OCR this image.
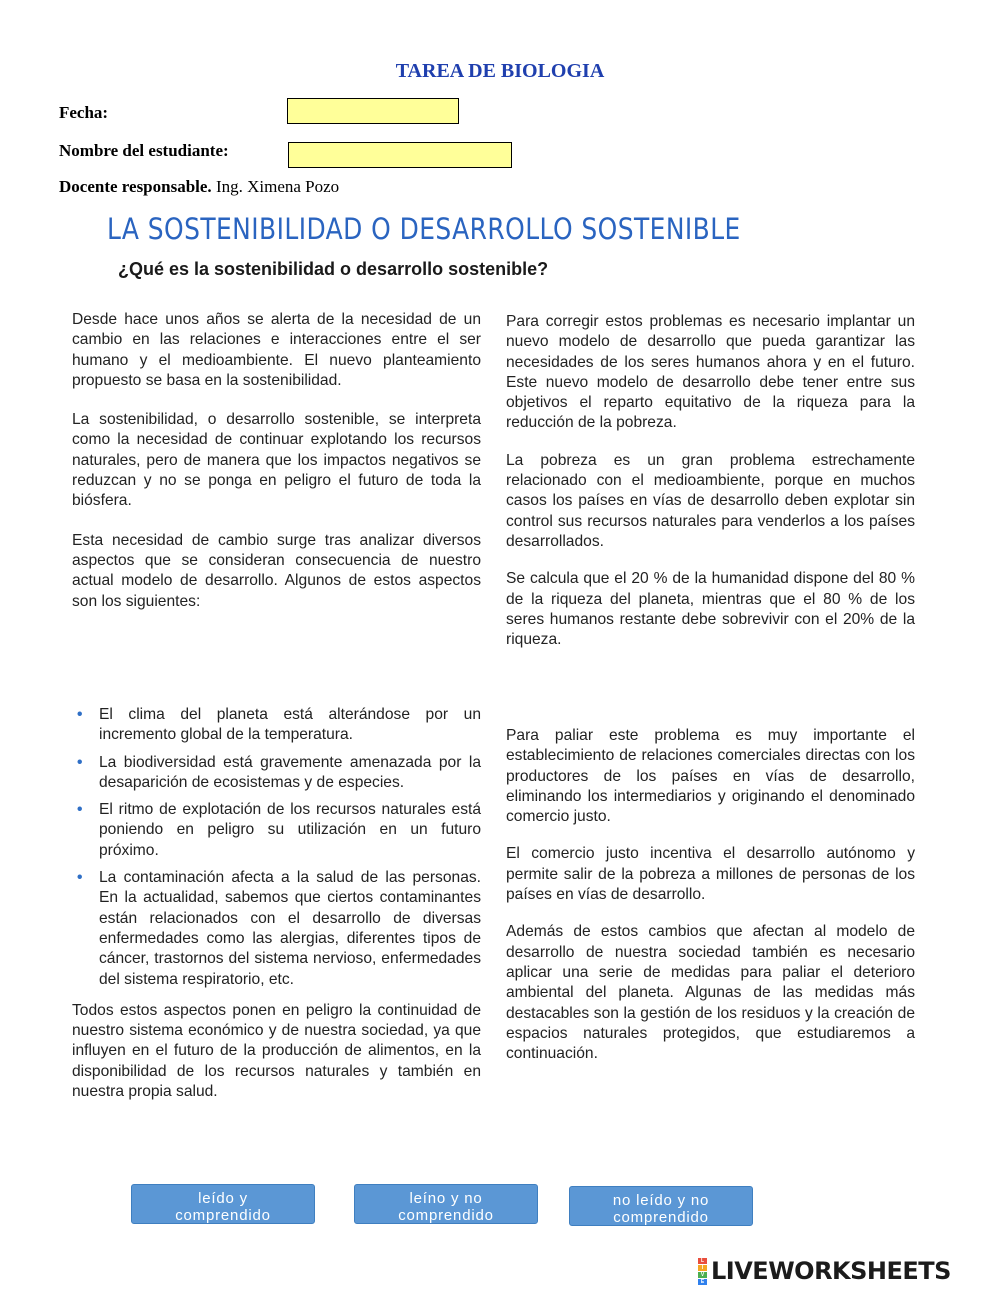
TAREA DE BIOLOGIA
Fecha:
Nombre del estudiante:
Docente responsable. Ing. Ximena Pozo
LA SOSTENIBILIDAD O DESARROLLO SOSTENIBLE
¿Qué es la sostenibilidad o desarrollo sostenible?

Desde hace unos años se alerta de la necesidad de un cambio en las relaciones e interacciones entre el ser humano y el medioambiente. El nuevo planteamiento propuesto se basa en la sostenibilidad.

La sostenibilidad, o desarrollo sostenible, se interpreta como la necesidad de continuar explotando los recursos naturales, pero de manera que los impactos negativos se reduzcan y no se ponga en peligro el futuro de toda la biósfera.

Esta necesidad de cambio surge tras analizar diversos aspectos que se consideran consecuencia de nuestro actual modelo de desarrollo. Algunos de estos aspectos son los siguientes:

• El clima del planeta está alterándose por un incremento global de la temperatura.
• La biodiversidad está gravemente amenazada por la desaparición de ecosistemas y de especies.
• El ritmo de explotación de los recursos naturales está poniendo en peligro su utilización en un futuro próximo.
• La contaminación afecta a la salud de las personas. En la actualidad, sabemos que ciertos contaminantes están relacionados con el desarrollo de diversas enfermedades como las alergias, diferentes tipos de cáncer, trastornos del sistema nervioso, enfermedades del sistema respiratorio, etc.

Todos estos aspectos ponen en peligro la continuidad de nuestro sistema económico y de nuestra sociedad, ya que influyen en el futuro de la producción de alimentos, en la disponibilidad de los recursos naturales y también en nuestra propia salud.

Para corregir estos problemas es necesario implantar un nuevo modelo de desarrollo que pueda garantizar las necesidades de los seres humanos ahora y en el futuro. Este nuevo modelo de desarrollo debe tener entre sus objetivos el reparto equitativo de la riqueza para la reducción de la pobreza.

La pobreza es un gran problema estrechamente relacionado con el medioambiente, porque en muchos casos los países en vías de desarrollo deben explotar sin control sus recursos naturales para venderlos a los países desarrollados.

Se calcula que el 20 % de la humanidad dispone del 80 % de la riqueza del planeta, mientras que el 80 % de los seres humanos restante debe sobrevivir con el 20% de la riqueza.

Para paliar este problema es muy importante el establecimiento de relaciones comerciales directas con los productores de los países en vías de desarrollo, eliminando los intermediarios y originando el denominado comercio justo.

El comercio justo incentiva el desarrollo autónomo y permite salir de la pobreza a millones de personas de los países en vías de desarrollo.

Además de estos cambios que afectan al modelo de desarrollo de nuestra sociedad también es necesario aplicar una serie de medidas para paliar el deterioro ambiental del planeta. Algunas de las medidas más destacables son la gestión de los residuos y la creación de espacios naturales protegidos, que estudiaremos a continuación.

leído y
comprendido
leíno y no
comprendido
no leído y no
comprendido
L
I
V
E LIVEWORKSHEETS
